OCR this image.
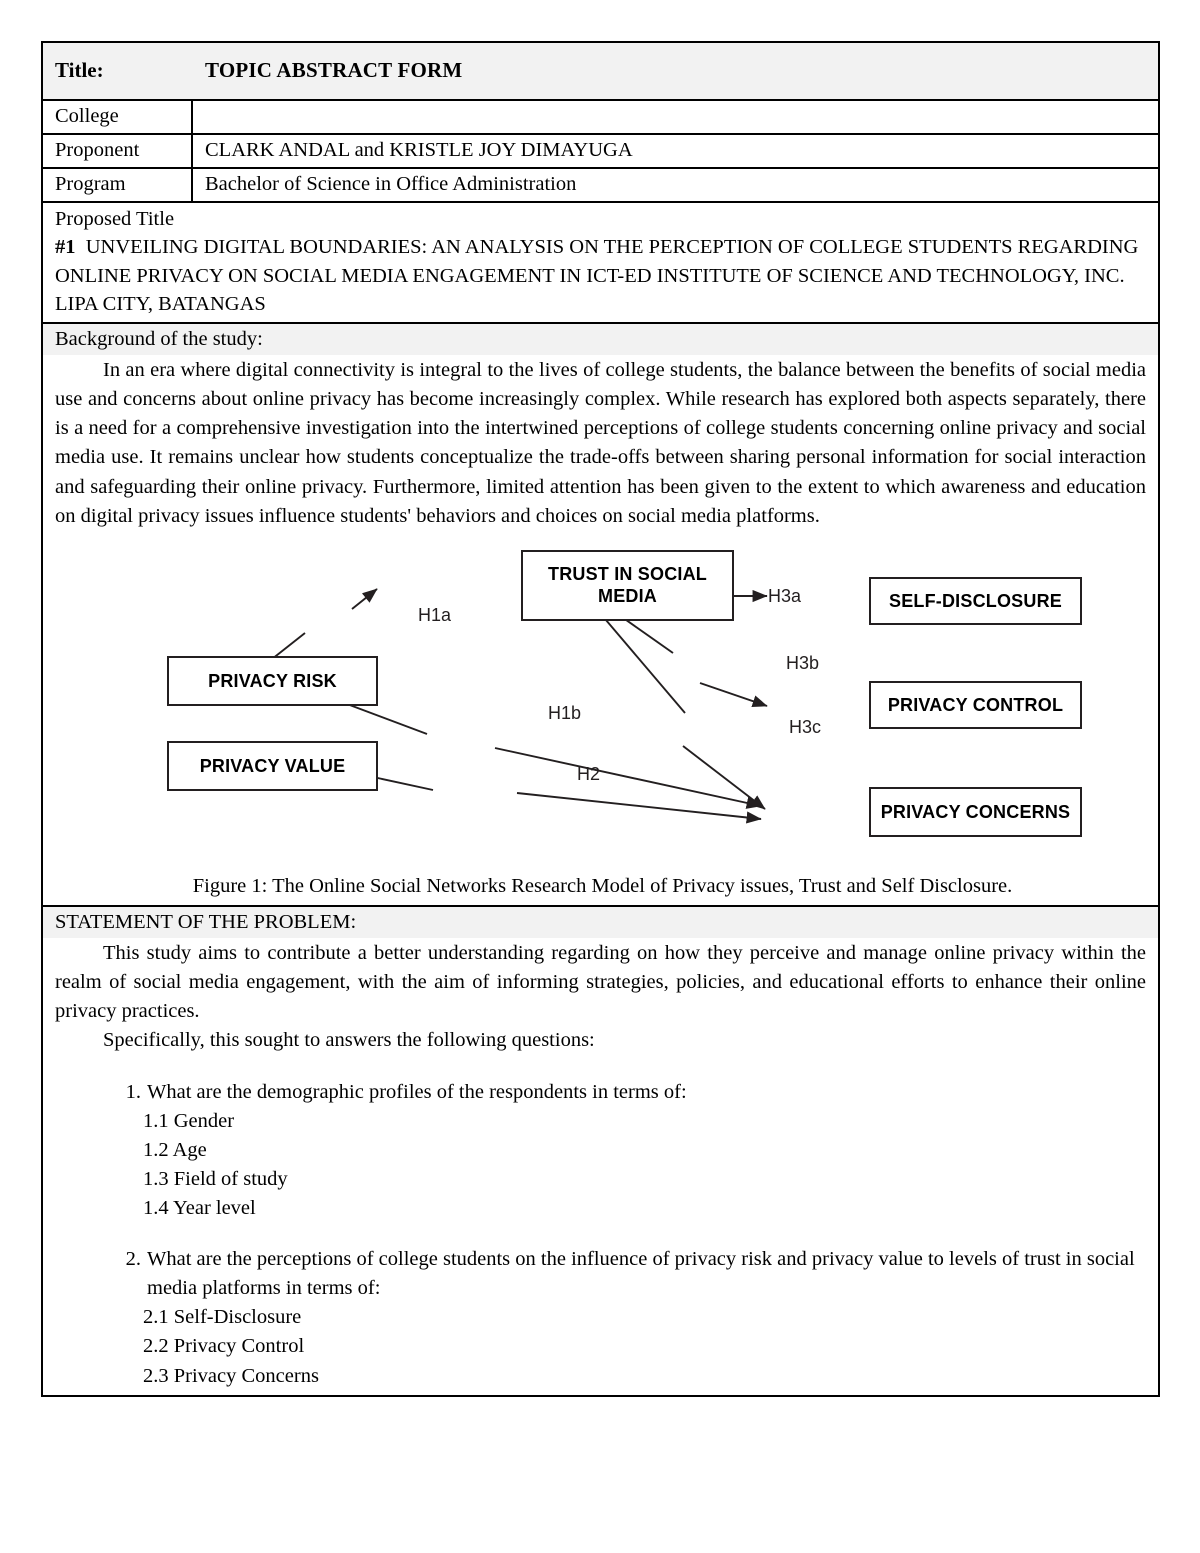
Title: TOPIC ABSTRACT FORM	
College	
Proponent	CLARK ANDAL and KRISTLE JOY DIMAYUGA
Program	Bachelor of Science in Office Administration

Proposed Title
#1 UNVEILING DIGITAL BOUNDARIES: AN ANALYSIS ON THE PERCEPTION OF COLLEGE STUDENTS REGARDING ONLINE PRIVACY ON SOCIAL MEDIA ENGAGEMENT IN ICT-ED INSTITUTE OF SCIENCE AND TECHNOLOGY, INC. LIPA CITY, BATANGAS	

Background of the study:

In an era where digital connectivity is integral to the lives of college students, the balance between the benefits of social media use and concerns about online privacy has become increasingly complex. While research has explored both aspects separately, there is a need for a comprehensive investigation into the intertwined perceptions of college students concerning online privacy and social media use. It remains unclear how students conceptualize the trade-offs between sharing personal information for social interaction and safeguarding their online privacy. Furthermore, limited attention has been given to the extent to which awareness and education on digital privacy issues influence students' behaviors and choices on social media platforms.

TRUST IN SOCIAL MEDIA
PRIVACY RISK
PRIVACY VALUE
SELF-DISCLOSURE
PRIVACY CONTROL
PRIVACY CONCERNS
H1a
H1b
H2
H3a
H3b
H3c
Figure 1: The Online Social Networks Research Model of Privacy issues, Trust and Self Disclosure.

STATEMENT OF THE PROBLEM:

This study aims to contribute a better understanding regarding on how they perceive and manage online privacy within the realm of social media engagement, with the aim of informing strategies, policies, and educational efforts to enhance their online privacy practices.

Specifically, this sought to answers the following questions:

1. What are the demographic profiles of the respondents in terms of:
1.1 Gender
1.2 Age
1.3 Field of study
1.4 Year level
2. What are the perceptions of college students on the influence of privacy risk and privacy value to levels of trust in social media platforms in terms of:
2.1 Self-Disclosure
2.2 Privacy Control
2.3 Privacy Concerns
